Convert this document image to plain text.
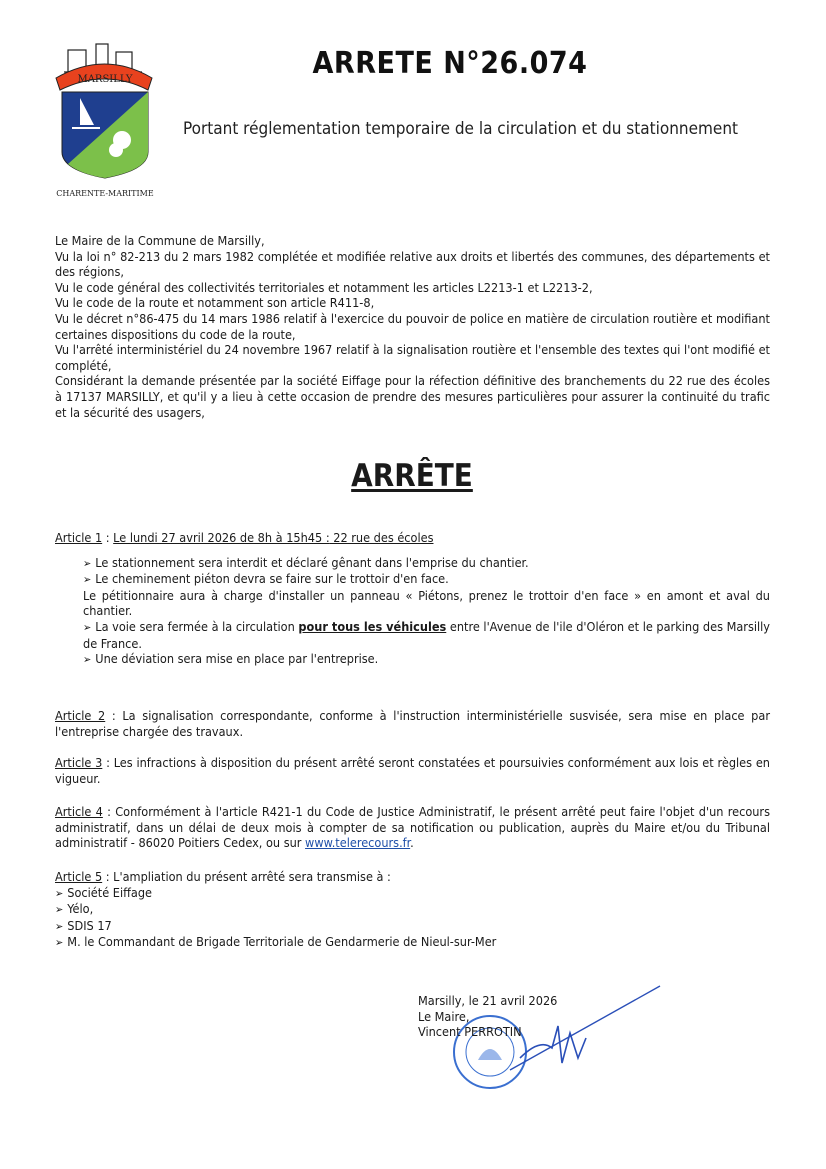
MARSILLY
CHARENTE-MARITIME
ARRETE N°26.074
Portant réglementation temporaire de la circulation et du stationnement
Le Maire de la Commune de Marsilly,
Vu la loi n° 82-213 du 2 mars 1982 complétée et modifiée relative aux droits et libertés des communes, des départements et des régions,
Vu le code général des collectivités territoriales et notamment les articles L2213-1 et L2213-2,
Vu le code de la route et notamment son article R411-8,
Vu le décret n°86-475 du 14 mars 1986 relatif à l'exercice du pouvoir de police en matière de circulation routière et modifiant certaines dispositions du code de la route,
Vu l'arrêté interministériel du 24 novembre 1967 relatif à la signalisation routière et l'ensemble des textes qui l'ont modifié et complété,
Considérant la demande présentée par la société Eiffage pour la réfection définitive des branchements du 22 rue des écoles à 17137 MARSILLY, et qu'il y a lieu à cette occasion de prendre des mesures particulières pour assurer la continuité du trafic et la sécurité des usagers,
ARRÊTE
Article 1 : Le lundi 27 avril 2026 de 8h à 15h45 : 22 rue des écoles
➢ Le stationnement sera interdit et déclaré gênant dans l'emprise du chantier.
➢ Le cheminement piéton devra se faire sur le trottoir d'en face.
Le pétitionnaire aura à charge d'installer un panneau « Piétons, prenez le trottoir d'en face » en amont et aval du chantier.
➢ La voie sera fermée à la circulation pour tous les véhicules entre l'Avenue de l'ile d'Oléron et le parking des Marsilly de France.
➢ Une déviation sera mise en place par l'entreprise.
Article 2 : La signalisation correspondante, conforme à l'instruction interministérielle susvisée, sera mise en place par l'entreprise chargée des travaux.
Article 3 : Les infractions à disposition du présent arrêté seront constatées et poursuivies conformément aux lois et règles en vigueur.
Article 4 : Conformément à l'article R421-1 du Code de Justice Administratif, le présent arrêté peut faire l'objet d'un recours administratif, dans un délai de deux mois à compter de sa notification ou publication, auprès du Maire et/ou du Tribunal administratif - 86020 Poitiers Cedex, ou sur www.telerecours.fr.
Article 5 : L'ampliation du présent arrêté sera transmise à :
➢ Société Eiffage
➢ Yélo,
➢ SDIS 17
➢ M. le Commandant de Brigade Territoriale de Gendarmerie de Nieul-sur-Mer
Marsilly, le 21 avril 2026
Le Maire,
Vincent PERROTIN
